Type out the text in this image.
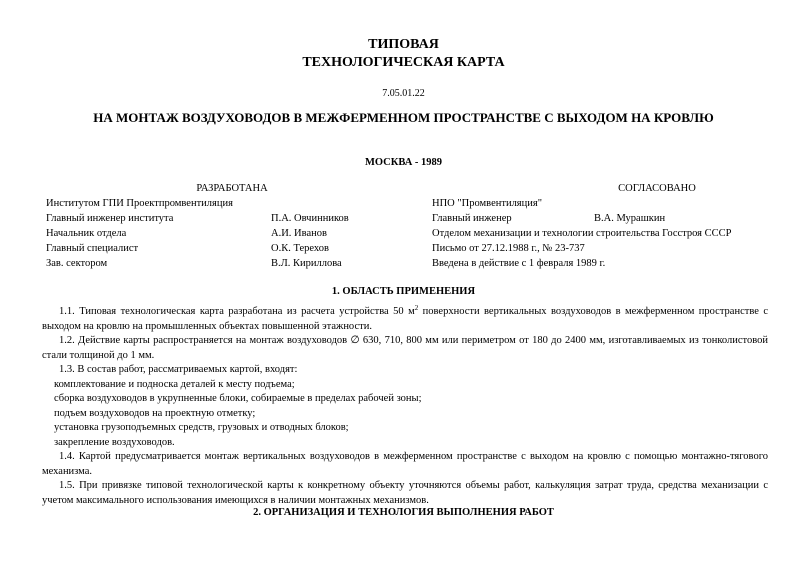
ТИПОВАЯ
ТЕХНОЛОГИЧЕСКАЯ КАРТА
7.05.01.22
НА МОНТАЖ ВОЗДУХОВОДОВ В МЕЖФЕРМЕННОМ ПРОСТРАНСТВЕ С ВЫХОДОМ НА КРОВЛЮ
МОСКВА - 1989
РАЗРАБОТАНА
Институтом ГПИ Проектпромвентиляция
Главный инженер института	П.А. Овчинников
Начальник отдела	А.И. Иванов
Главный специалист	О.К. Терехов
Зав. сектором	В.Л. Кириллова
СОГЛАСОВАНО
НПО "Промвентиляция"
Главный инженер	В.А. Мурашкин
Отделом механизации и технологии строительства Госстроя СССР
Письмо от 27.12.1988 г., № 23-737
Введена в действие с 1 февраля 1989 г.
1. ОБЛАСТЬ ПРИМЕНЕНИЯ

1.1. Типовая технологическая карта разработана из расчета устройства 50 $м^2$ поверхности вертикальных воздуховодов в межферменном пространстве с выходом на кровлю на промышленных объектах повышенной этажности.

1.2. Действие карты распространяется на монтаж воздуховодов ∅ 630, 710, 800 мм или периметром от 180 до 2400 мм, изготавливаемых из тонколистовой стали толщиной до 1 мм.

1.3. В состав работ, рассматриваемых картой, входят:

комплектование и подноска деталей к месту подъема;

сборка воздуховодов в укрупненные блоки, собираемые в пределах рабочей зоны;

подъем воздуховодов на проектную отметку;

установка грузоподъемных средств, грузовых и отводных блоков;

закрепление воздуховодов.

1.4. Картой предусматривается монтаж вертикальных воздуховодов в межферменном пространстве с выходом на кровлю с помощью монтажно-тягового механизма.

1.5. При привязке типовой технологической карты к конкретному объекту уточняются объемы работ, калькуляция затрат труда, средства механизации с учетом максимального использования имеющихся в наличии монтажных механизмов.

2. ОРГАНИЗАЦИЯ И ТЕХНОЛОГИЯ ВЫПОЛНЕНИЯ РАБОТ
